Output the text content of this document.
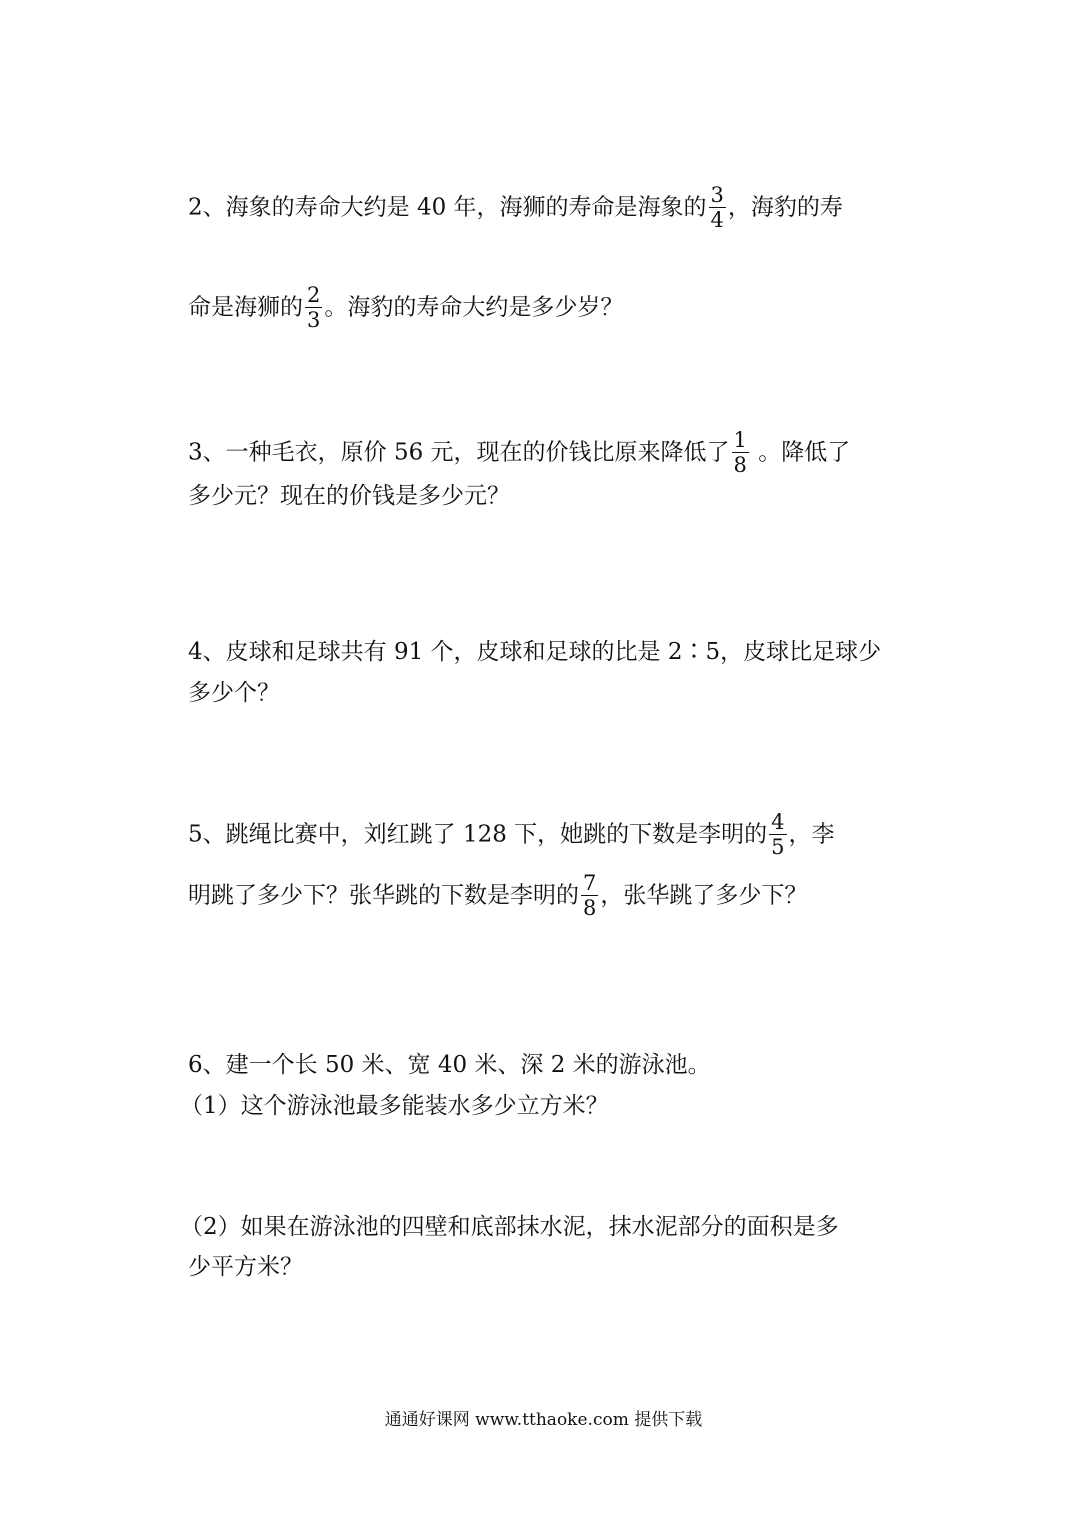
2、海象的寿命大约是 40 年，海狮的寿命是海象的 $\frac{3}{4}$ ，海豹的寿
命是海狮的 $\frac{2}{3}$ 。海豹的寿命大约是多少岁？
3、一种毛衣，原价 56 元，现在的价钱比原来降低了 $\frac{1}{8}$ 。降低了
多少元？现在的价钱是多少元？
4、皮球和足球共有 91 个，皮球和足球的比是 2∶5，皮球比足球少
多少个？
5、跳绳比赛中，刘红跳了 128 下，她跳的下数是李明的 $\frac{4}{5}$ ，李
明跳了多少下？张华跳的下数是李明的 $\frac{7}{8}$ ，张华跳了多少下？
6、建一个长 50 米、宽 40 米、深 2 米的游泳池。
（1）这个游泳池最多能装水多少立方米？
（2）如果在游泳池的四壁和底部抹水泥，抹水泥部分的面积是多
少平方米？
通通好课网 www.tthaoke.com 提供下载
